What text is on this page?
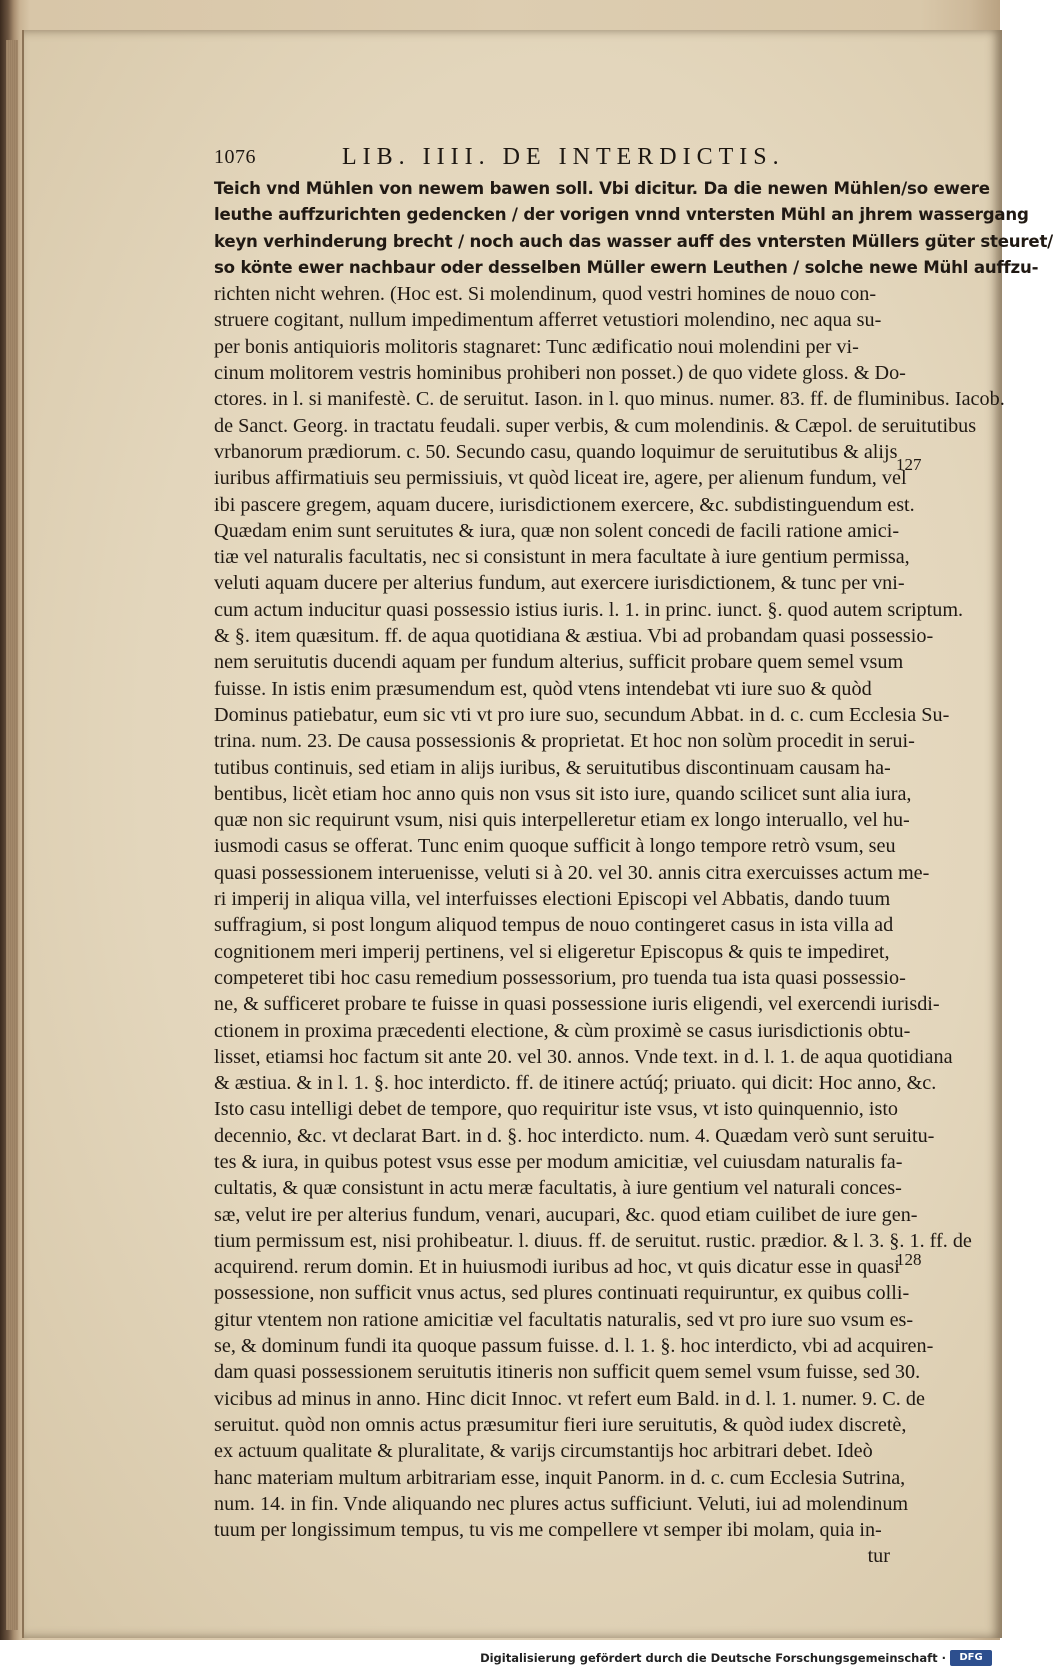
1076	LIB. IIII. DE INTERDICTIS.
Teich vnd Mühlen von newem bawen soll. Vbi dicitur. Da die newen Mühlen/so ewere
leuthe auffzurichten gedencken / der vorigen vnnd vntersten Mühl an jhrem wassergang
keyn verhinderung brecht / noch auch das wasser auff des vntersten Müllers güter steuret/
so könte ewer nachbaur oder desselben Müller ewern Leuthen / solche newe Mühl auffzu-
richten nicht wehren. (Hoc est. Si molendinum, quod vestri homines de nouo con-
struere cogitant, nullum impedimentum afferret vetustiori molendino, nec aqua su-
per bonis antiquioris molitoris stagnaret: Tunc ædificatio noui molendini per vi-
cinum molitorem vestris hominibus prohiberi non posset.) de quo videte gloss. & Do-
ctores. in l. si manifestè. C. de seruitut. Iason. in l. quo minus. numer. 83. ff. de fluminibus. Iacob.
de Sanct. Georg. in tractatu feudali. super verbis, & cum molendinis. & Cæpol. de seruitutibus
vrbanorum prædiorum. c. 50. Secundo casu, quando loquimur de seruitutibus & alijs
iuribus affirmatiuis seu permissiuis, vt quòd liceat ire, agere, per alienum fundum, vel
ibi pascere gregem, aquam ducere, iurisdictionem exercere, &c. subdistinguendum est.
Quædam enim sunt seruitutes & iura, quæ non solent concedi de facili ratione amici-
tiæ vel naturalis facultatis, nec si consistunt in mera facultate à iure gentium permissa,
veluti aquam ducere per alterius fundum, aut exercere iurisdictionem, & tunc per vni-
cum actum inducitur quasi possessio istius iuris. l. 1. in princ. iunct. §. quod autem scriptum.
& §. item quæsitum. ff. de aqua quotidiana & æstiua. Vbi ad probandam quasi possessio-
nem seruitutis ducendi aquam per fundum alterius, sufficit probare quem semel vsum
fuisse. In istis enim præsumendum est, quòd vtens intendebat vti iure suo & quòd
Dominus patiebatur, eum sic vti vt pro iure suo, secundum Abbat. in d. c. cum Ecclesia Su-
trina. num. 23. De causa possessionis & proprietat. Et hoc non solùm procedit in serui-
tutibus continuis, sed etiam in alijs iuribus, & seruitutibus discontinuam causam ha-
bentibus, licèt etiam hoc anno quis non vsus sit isto iure, quando scilicet sunt alia iura,
quæ non sic requirunt vsum, nisi quis interpelleretur etiam ex longo interuallo, vel hu-
iusmodi casus se offerat. Tunc enim quoque sufficit à longo tempore retrò vsum, seu
quasi possessionem interuenisse, veluti si à 20. vel 30. annis citra exercuisses actum me-
ri imperij in aliqua villa, vel interfuisses electioni Episcopi vel Abbatis, dando tuum
suffragium, si post longum aliquod tempus de nouo contingeret casus in ista villa ad
cognitionem meri imperij pertinens, vel si eligeretur Episcopus & quis te impediret,
competeret tibi hoc casu remedium possessorium, pro tuenda tua ista quasi possessio-
ne, & sufficeret probare te fuisse in quasi possessione iuris eligendi, vel exercendi iurisdi-
ctionem in proxima præcedenti electione, & cùm proximè se casus iurisdictionis obtu-
lisset, etiamsi hoc factum sit ante 20. vel 30. annos. Vnde text. in d. l. 1. de aqua quotidiana
& æstiua. & in l. 1. §. hoc interdicto. ff. de itinere actúq́; priuato. qui dicit: Hoc anno, &c.
Isto casu intelligi debet de tempore, quo requiritur iste vsus, vt isto quinquennio, isto
decennio, &c. vt declarat Bart. in d. §. hoc interdicto. num. 4. Quædam verò sunt seruitu-
tes & iura, in quibus potest vsus esse per modum amicitiæ, vel cuiusdam naturalis fa-
cultatis, & quæ consistunt in actu meræ facultatis, à iure gentium vel naturali conces-
sæ, velut ire per alterius fundum, venari, aucupari, &c. quod etiam cuilibet de iure gen-
tium permissum est, nisi prohibeatur. l. diuus. ff. de seruitut. rustic. prædior. & l. 3. §. 1. ff. de
acquirend. rerum domin. Et in huiusmodi iuribus ad hoc, vt quis dicatur esse in quasi
possessione, non sufficit vnus actus, sed plures continuati requiruntur, ex quibus colli-
gitur vtentem non ratione amicitiæ vel facultatis naturalis, sed vt pro iure suo vsum es-
se, & dominum fundi ita quoque passum fuisse. d. l. 1. §. hoc interdicto, vbi ad acquiren-
dam quasi possessionem seruitutis itineris non sufficit quem semel vsum fuisse, sed 30.
vicibus ad minus in anno. Hinc dicit Innoc. vt refert eum Bald. in d. l. 1. numer. 9. C. de
seruitut. quòd non omnis actus præsumitur fieri iure seruitutis, & quòd iudex discretè,
ex actuum qualitate & pluralitate, & varijs circumstantijs hoc arbitrari debet. Ideò
hanc materiam multum arbitrariam esse, inquit Panorm. in d. c. cum Ecclesia Sutrina,
num. 14. in fin. Vnde aliquando nec plures actus sufficiunt. Veluti, iui ad molendinum
tuum per longissimum tempus, tu vis me compellere vt semper ibi molam, quia in-
tur
127
128
Digitalisierung gefördert durch die Deutsche Forschungsgemeinschaft ·	DFG
